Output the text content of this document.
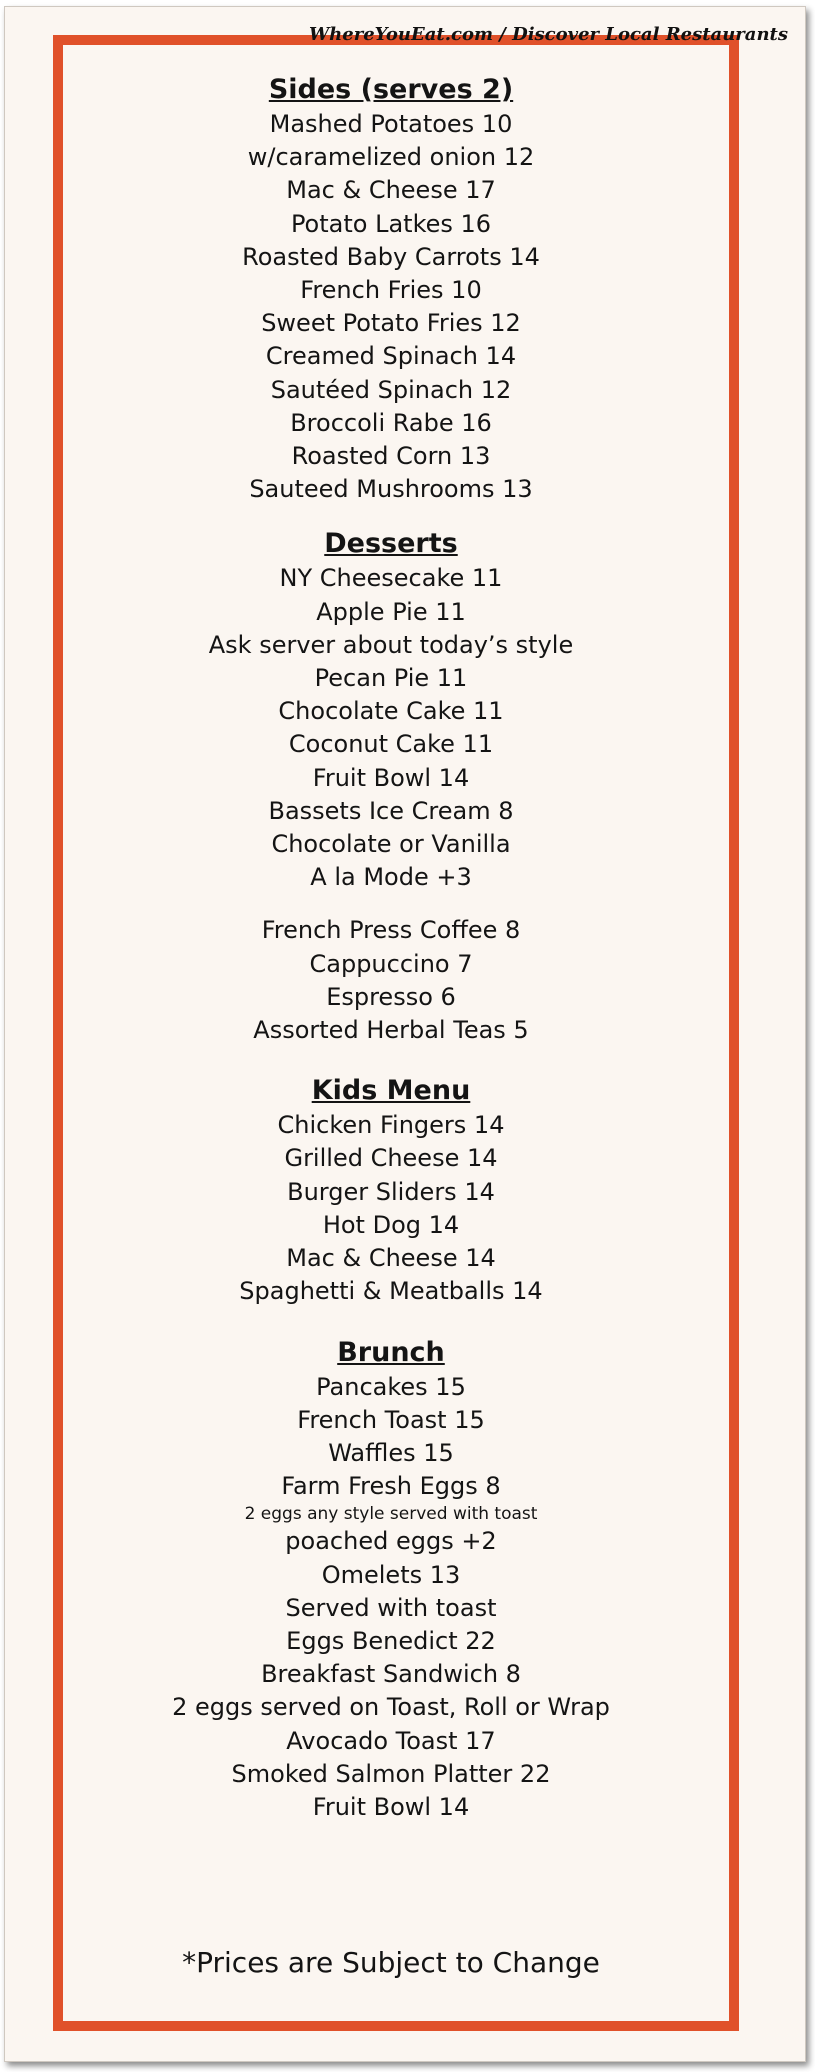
WhereYouEat.com / Discover Local Restaurants
Sides (serves 2)
Mashed Potatoes 10
w/caramelized onion 12
Mac & Cheese 17
Potato Latkes 16
Roasted Baby Carrots 14
French Fries 10
Sweet Potato Fries 12
Creamed Spinach 14
Sautéed Spinach 12
Broccoli Rabe 16
Roasted Corn 13
Sauteed Mushrooms 13
Desserts
NY Cheesecake 11
Apple Pie 11
Ask server about today’s style
Pecan Pie 11
Chocolate Cake 11
Coconut Cake 11
Fruit Bowl 14
Bassets Ice Cream 8
Chocolate or Vanilla
A la Mode +3
French Press Coffee 8
Cappuccino 7
Espresso 6
Assorted Herbal Teas 5
Kids Menu
Chicken Fingers 14
Grilled Cheese 14
Burger Sliders 14
Hot Dog 14
Mac & Cheese 14
Spaghetti & Meatballs 14
Brunch
Pancakes 15
French Toast 15
Waffles 15
Farm Fresh Eggs 8
2 eggs any style served with toast
poached eggs +2
Omelets 13
Served with toast
Eggs Benedict 22
Breakfast Sandwich 8
2 eggs served on Toast, Roll or Wrap
Avocado Toast 17
Smoked Salmon Platter 22
Fruit Bowl 14
*Prices are Subject to Change
